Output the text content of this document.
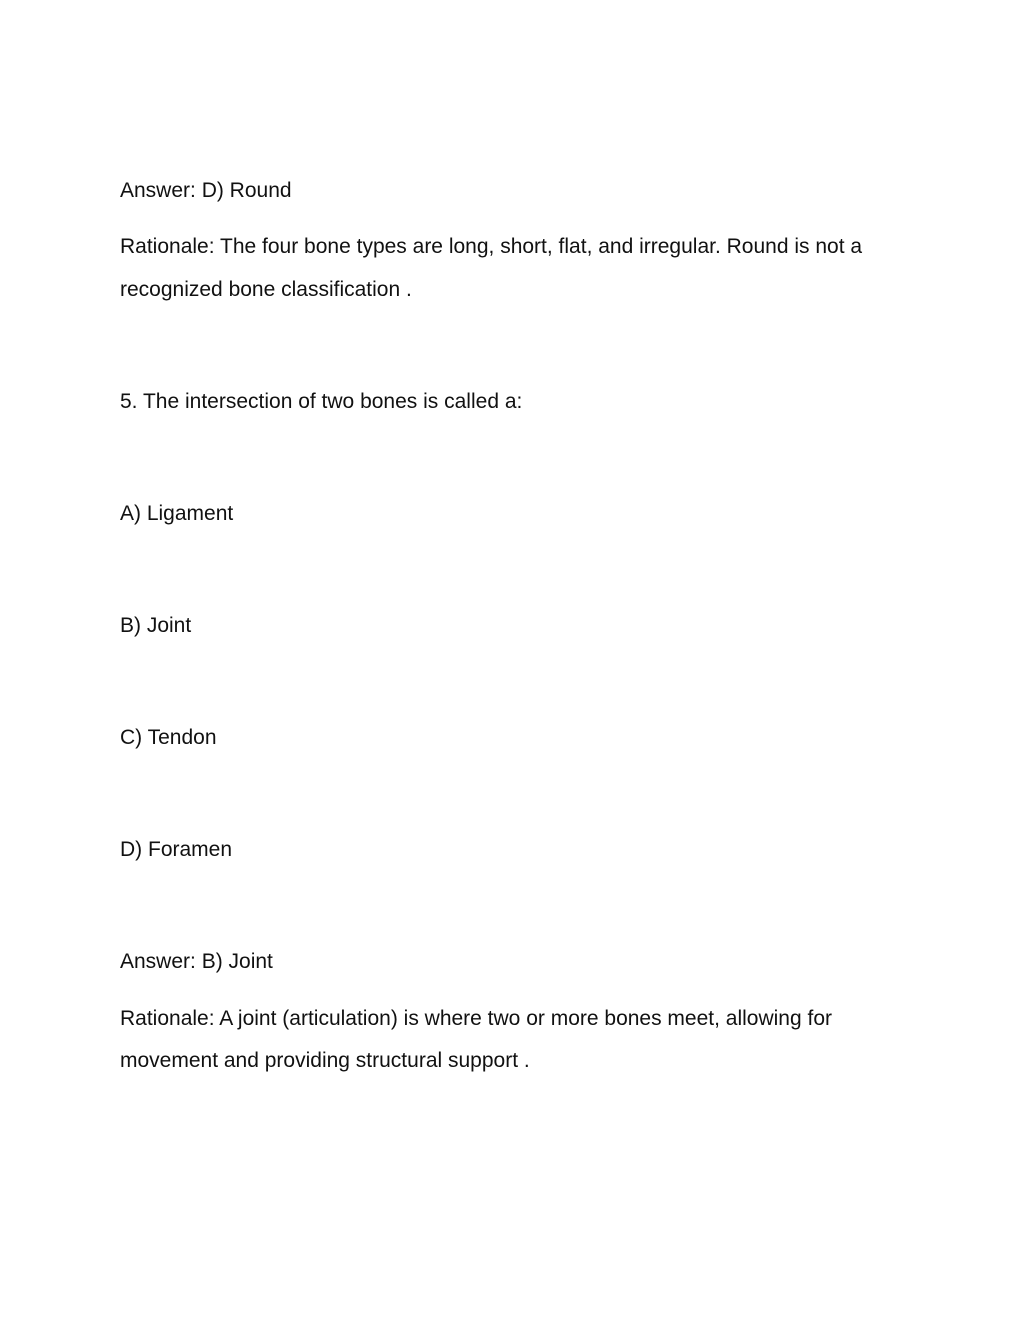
Answer: D) Round
Rationale: The four bone types are long, short, flat, and irregular. Round is not a
recognized bone classification .
5. The intersection of two bones is called a:
A) Ligament
B) Joint
C) Tendon
D) Foramen
Answer: B) Joint
Rationale: A joint (articulation) is where two or more bones meet, allowing for
movement and providing structural support .
